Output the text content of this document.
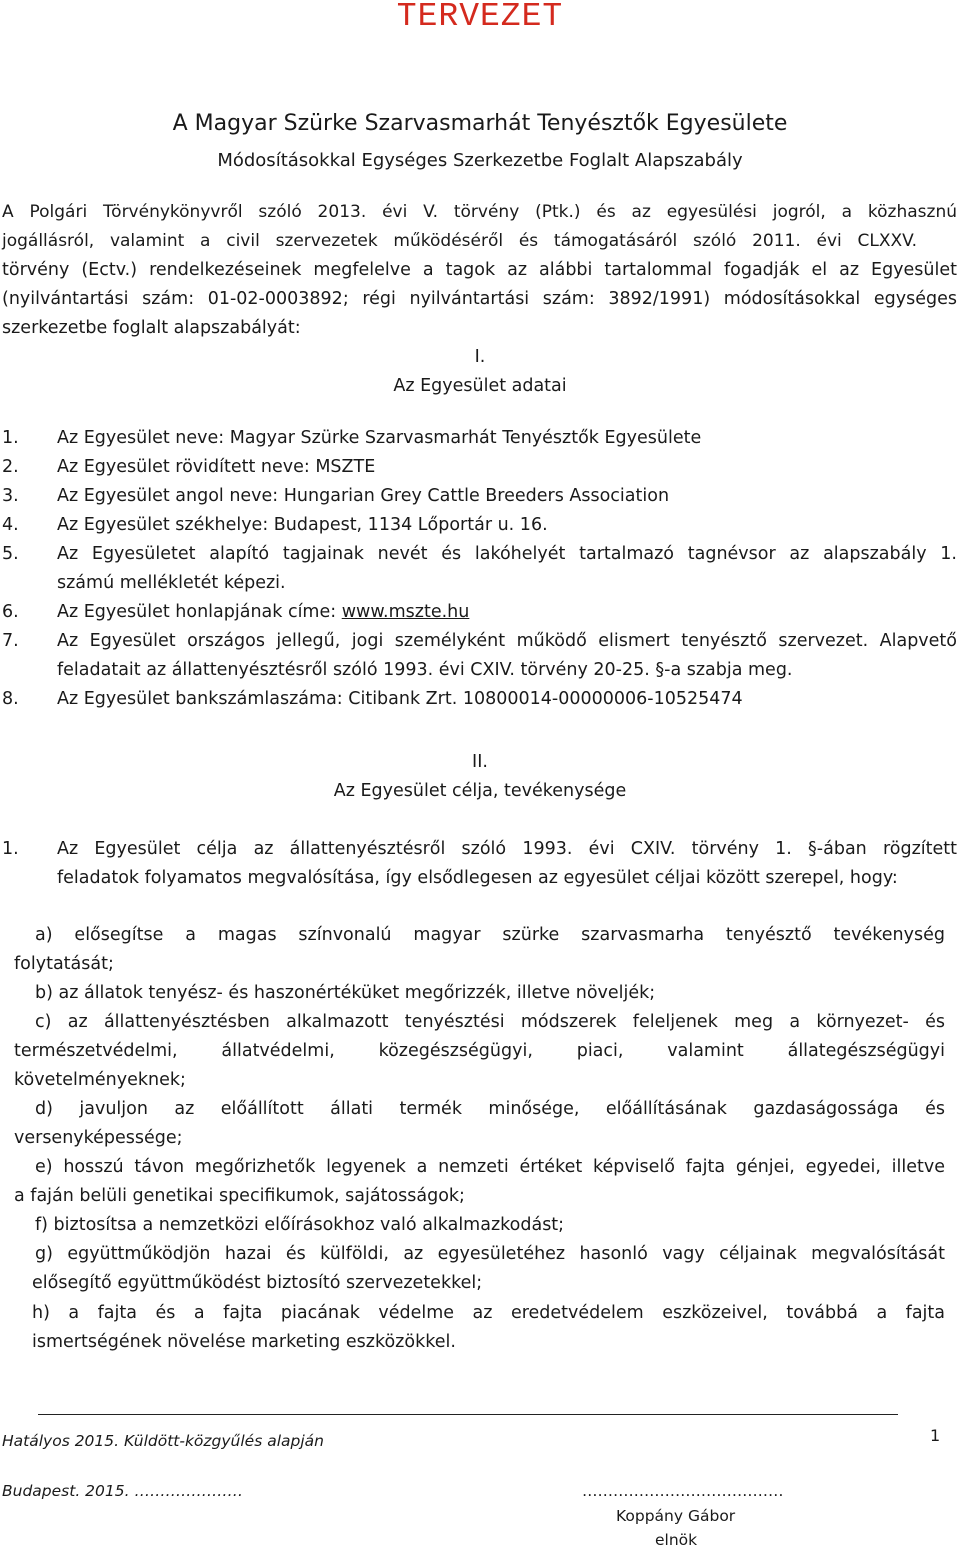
TERVEZET
A Magyar Szürke Szarvasmarhát Tenyésztők Egyesülete
Módosításokkal Egységes Szerkezetbe Foglalt Alapszabály
A Polgári Törvénykönyvről szóló 2013. évi V. törvény (Ptk.) és az egyesülési jogról, a közhasznú
jogállásról, valamint a civil szervezetek működéséről és támogatásáról szóló 2011. évi CLXXV.
törvény (Ectv.) rendelkezéseinek megfelelve a tagok az alábbi tartalommal fogadják el az Egyesület
(nyilvántartási szám: 01-02-0003892; régi nyilvántartási szám: 3892/1991) módosításokkal egységes
szerkezetbe foglalt alapszabályát:
I.
Az Egyesület adatai
1. Az Egyesület neve: Magyar Szürke Szarvasmarhát Tenyésztők Egyesülete
2. Az Egyesület rövidített neve: MSZTE
3. Az Egyesület angol neve: Hungarian Grey Cattle Breeders Association
4. Az Egyesület székhelye: Budapest, 1134 Lőportár u. 16.
5. Az Egyesületet alapító tagjainak nevét és lakóhelyét tartalmazó tagnévsor az alapszabály 1.
számú mellékletét képezi.
6. Az Egyesület honlapjának címe: www.mszte.hu
7. Az Egyesület országos jellegű, jogi személyként működő elismert tenyésztő szervezet. Alapvető
feladatait az állattenyésztésről szóló 1993. évi CXIV. törvény 20-25. §-a szabja meg.
8. Az Egyesület bankszámlaszáma: Citibank Zrt. 10800014-00000006-10525474
II.
Az Egyesület célja, tevékenysége
1. Az Egyesület célja az állattenyésztésről szóló 1993. évi CXIV. törvény 1. §-ában rögzített
feladatok folyamatos megvalósítása, így elsődlegesen az egyesület céljai között szerepel, hogy:
a) elősegítse a magas színvonalú magyar szürke szarvasmarha tenyésztő tevékenység
folytatását;
b) az állatok tenyész- és haszonértéküket megőrizzék, illetve növeljék;
c) az állattenyésztésben alkalmazott tenyésztési módszerek feleljenek meg a környezet- és
természetvédelmi, állatvédelmi, közegészségügyi, piaci, valamint állategészségügyi
követelményeknek;
d) javuljon az előállított állati termék minősége, előállításának gazdaságossága és
versenyképessége;
e) hosszú távon megőrizhetők legyenek a nemzeti értéket képviselő fajta génjei, egyedei, illetve
a faján belüli genetikai specifikumok, sajátosságok;
f) biztosítsa a nemzetközi előírásokhoz való alkalmazkodást;
g) együttműködjön hazai és külföldi, az egyesületéhez hasonló vagy céljainak megvalósítását
elősegítő együttműködést biztosító szervezetekkel;
h) a fajta és a fajta piacának védelme az eredetvédelem eszközeivel, továbbá a fajta
ismertségének növelése marketing eszközökkel.
Hatályos 2015. Küldött-közgyűlés alapján	1
Budapest. 2015. …………………	…………………………………
Koppány Gábor
elnök
